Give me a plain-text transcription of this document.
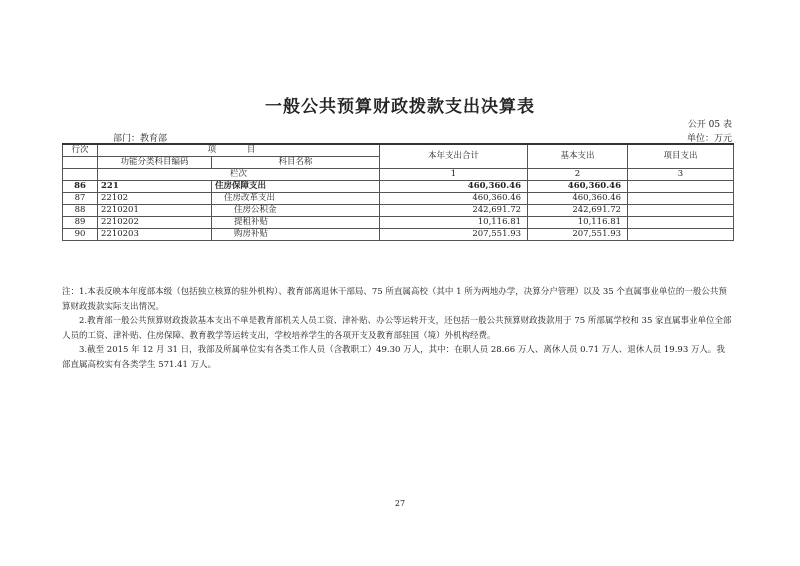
一般公共预算财政拨款支出决算表
公开 05 表
部门：教育部	单位：万元
行次	项 目		本年支出合计	基本支出	项目支出
	功能分类科目编码	科目名称			

	栏次		1	2	3
86	221	住房保障支出	460,360.46	460,360.46	
87	22102	住房改革支出	460,360.46	460,360.46	
88	2210201	住房公积金	242,691.72	242,691.72	
89	2210202	提租补贴	10,116.81	10,116.81	
90	2210203	购房补贴	207,551.93	207,551.93	

注：1.本表反映本年度部本级（包括独立核算的驻外机构）、教育部离退休干部局、75 所直属高校（其中 1 所为两地办学，决算分户管理）以及 35 个直属事业单位的一般公共预算财政拨款实际支出情况。

2.教育部一般公共预算财政拨款基本支出不单是教育部机关人员工资、津补贴、办公等运转开支，还包括一般公共预算财政拨款用于 75 所部属学校和 35 家直属事业单位全部人员的工资、津补贴、住房保障、教育教学等运转支出，学校培养学生的各项开支及教育部驻国（境）外机构经费。

3.截至 2015 年 12 月 31 日，我部及所属单位实有各类工作人员（含教职工）49.30 万人，其中：在职人员 28.66 万人、离休人员 0.71 万人、退休人员 19.93 万人。我部直属高校实有各类学生 571.41 万人。

27
